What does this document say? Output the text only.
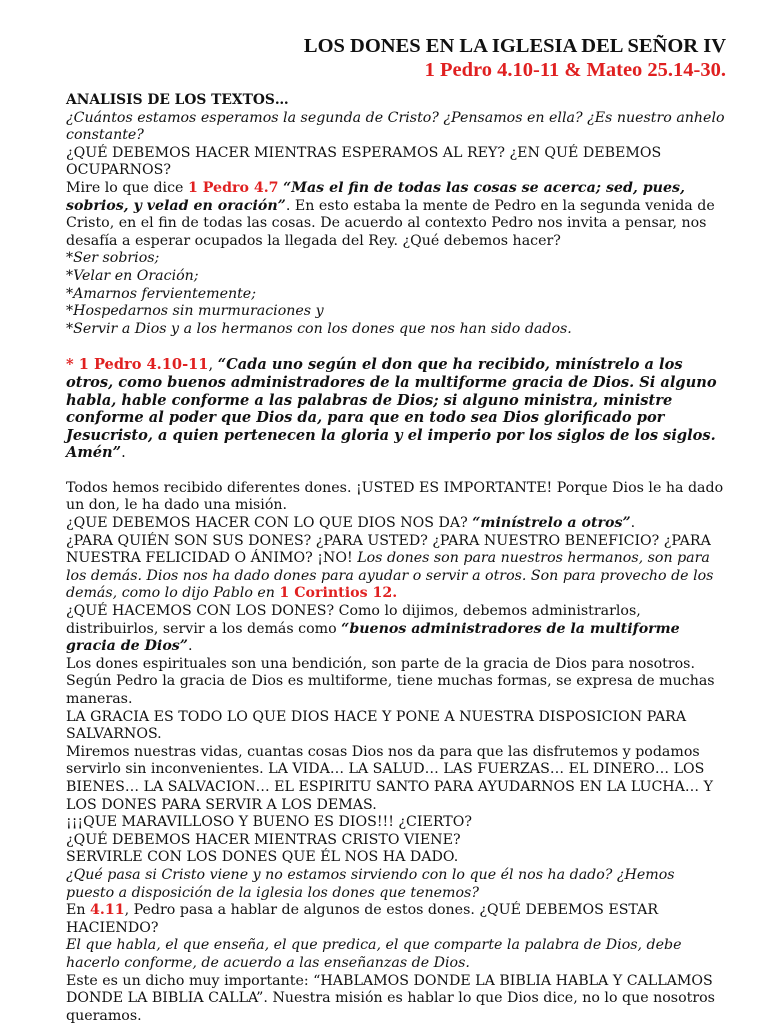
LOS DONES EN LA IGLESIA DEL SEÑOR IV

1 Pedro 4.10-11 & Mateo 25.14-30.

ANALISIS DE LOS TEXTOS…

¿Cuántos estamos esperamos la segunda de Cristo? ¿Pensamos en ella? ¿Es nuestro anhelo constante?

¿QUÉ DEBEMOS HACER MIENTRAS ESPERAMOS AL REY? ¿EN QUÉ DEBEMOS OCUPARNOS?

Mire lo que dice 1 Pedro 4.7 “Mas el fin de todas las cosas se acerca; sed, pues, sobrios, y velad en oración”. En esto estaba la mente de Pedro en la segunda venida de Cristo, en el fin de todas las cosas. De acuerdo al contexto Pedro nos invita a pensar, nos desafía a esperar ocupados la llegada del Rey. ¿Qué debemos hacer?

*Ser sobrios;

*Velar en Oración;

*Amarnos fervientemente;

*Hospedarnos sin murmuraciones y

*Servir a Dios y a los hermanos con los dones que nos han sido dados.

* 1 Pedro 4.10-11, “Cada uno según el don que ha recibido, minístrelo a los otros, como buenos administradores de la multiforme gracia de Dios. Si alguno habla, hable conforme a las palabras de Dios; si alguno ministra, ministre conforme al poder que Dios da, para que en todo sea Dios glorificado por Jesucristo, a quien pertenecen la gloria y el imperio por los siglos de los siglos. Amén”.

Todos hemos recibido diferentes dones. ¡USTED ES IMPORTANTE! Porque Dios le ha dado un don, le ha dado una misión.

¿QUE DEBEMOS HACER CON LO QUE DIOS NOS DA? “minístrelo a otros”.

¿PARA QUIÉN SON SUS DONES? ¿PARA USTED? ¿PARA NUESTRO BENEFICIO? ¿PARA NUESTRA FELICIDAD O ÁNIMO? ¡NO! Los dones son para nuestros hermanos, son para los demás. Dios nos ha dado dones para ayudar o servir a otros. Son para provecho de los demás, como lo dijo Pablo en 1 Corintios 12.

¿QUÉ HACEMOS CON LOS DONES? Como lo dijimos, debemos administrarlos, distribuirlos, servir a los demás como “buenos administradores de la multiforme gracia de Dios”.

Los dones espirituales son una bendición, son parte de la gracia de Dios para nosotros. Según Pedro la gracia de Dios es multiforme, tiene muchas formas, se expresa de muchas maneras.

LA GRACIA ES TODO LO QUE DIOS HACE Y PONE A NUESTRA DISPOSICION PARA SALVARNOS.

Miremos nuestras vidas, cuantas cosas Dios nos da para que las disfrutemos y podamos servirlo sin inconvenientes. LA VIDA… LA SALUD… LAS FUERZAS… EL DINERO… LOS BIENES… LA SALVACION… EL ESPIRITU SANTO PARA AYUDARNOS EN LA LUCHA… Y LOS DONES PARA SERVIR A LOS DEMAS.

¡¡¡QUE MARAVILLOSO Y BUENO ES DIOS!!! ¿CIERTO?

¿QUÉ DEBEMOS HACER MIENTRAS CRISTO VIENE?

SERVIRLE CON LOS DONES QUE ÉL NOS HA DADO.

¿Qué pasa si Cristo viene y no estamos sirviendo con lo que él nos ha dado? ¿Hemos puesto a disposición de la iglesia los dones que tenemos?

En 4.11, Pedro pasa a hablar de algunos de estos dones. ¿QUÉ DEBEMOS ESTAR HACIENDO?

El que habla, el que enseña, el que predica, el que comparte la palabra de Dios, debe hacerlo conforme, de acuerdo a las enseñanzas de Dios.

Este es un dicho muy importante: “HABLAMOS DONDE LA BIBLIA HABLA Y CALLAMOS DONDE LA BIBLIA CALLA”. Nuestra misión es hablar lo que Dios dice, no lo que nosotros queramos.
